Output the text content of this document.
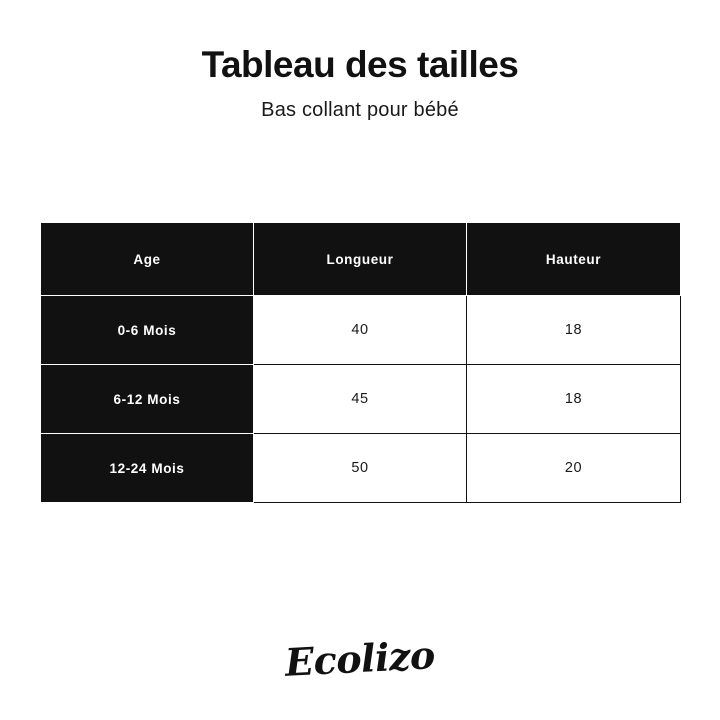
Tableau des tailles

Bas collant pour bébé

Age	Longueur	Hauteur
0-6 Mois	40	18
6-12 Mois	45	18
12-24 Mois	50	20
Ecolizo
